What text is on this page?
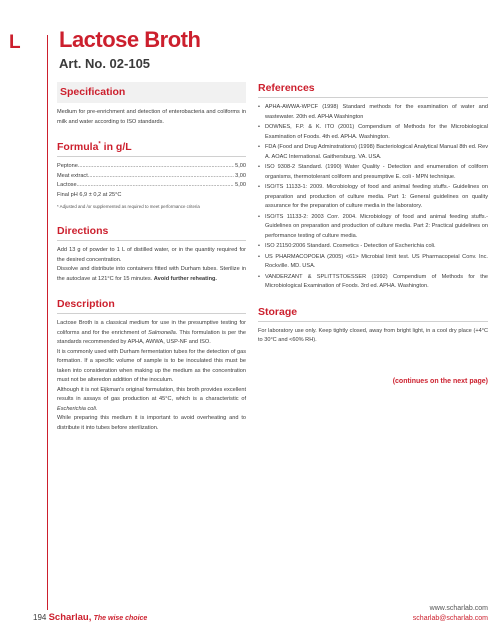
L Lactose Broth
Art. No. 02-105
Specification

Medium for pre-enrichment and detection of enterobacteria and coliforms in milk and water according to ISO standards.

Formula* in g/L
Peptone .....	5,00
Meat extract .....	3,00
Lactose .....	5,00
Final pH 6,9 ± 0,2 at 25°C
* Adjusted and /or supplemented as required to meet performance criteria
Directions

Add 13 g of powder to 1 L of distilled water, or in the quantity required for the desired concentration.

Dissolve and distribute into containers fitted with Durham tubes. Sterilize in the autoclave at 121°C for 15 minutes. Avoid further reheating.

Description

Lactose Broth is a classical medium for use in the presumptive testing for coliforms and for the enrichment of Salmonella. This formulation is per the standards recommended by APHA, AWWA, USP-NF and ISO.

It is commonly used with Durham fermentation tubes for the detection of gas formation. If a specific volume of sample is to be inoculated this must be taken into consideration when making up the medium as the concentration must not be alteredon addition of the inoculum.

Although it is not Eijkman's original formulation, this broth provides excellent results in assays of gas production at 45°C, which is a characteristic of Escherichia coli.

While preparing this medium it is important to avoid overheating and to distribute it into tubes before sterilization.

References
• APHA-AWWA-WPCF (1998) Standard methods for the examination of water and wastewater. 20th ed. APHA Washington
• DOWNES, F.P. & K. ITO (2001) Compendium of Methods for the Microbiological Examination of Foods. 4th ed. APHA. Washington.
• FDA (Food and Drug Adminstrations) (1998) Bacteriological Analytical Manual 8th ed. Rev A. AOAC International. Gaithersburg. VA. USA.
• ISO 9308-2 Standard. (1990) Water Quality - Detection and enumeration of coliform organisms, thermotolerant coliform and presumptive E. coli - MPN technique.
• ISO/TS 11133-1: 2009. Microbiology of food and animal feeding stuffs.- Guidelines on preparation and production of culture media. Part 1: General guidelines on quality assurance for the preparation of culture media in the laboratory.
• ISO/TS 11133-2: 2003 Corr. 2004. Microbiology of food and animal feeding stuffs.- Guidelines on preparation and production of culture media. Part 2: Practical guidelines on performance testing of culture media.
• ISO 21150:2006 Standard. Cosmetics - Detection of Escherichia coli.
• US PHARMACOPOEIA (2005) <61> Microbial limit test. US Pharmacopeial Conv. Inc. Rockville. MD. USA.
• VANDERZANT & SPLITTSTOESSER (1992) Compendium of Methods for the Microbiological Examination of Foods. 3rd ed. APHA. Washington.
Storage

For laboratory use only. Keep tightly closed, away from bright light, in a cool dry place (+4°C to 30°C and <60% RH).

(continues on the next page)
194 Scharlau, The wise choice
www.scharlab.com
scharlab@scharlab.com
